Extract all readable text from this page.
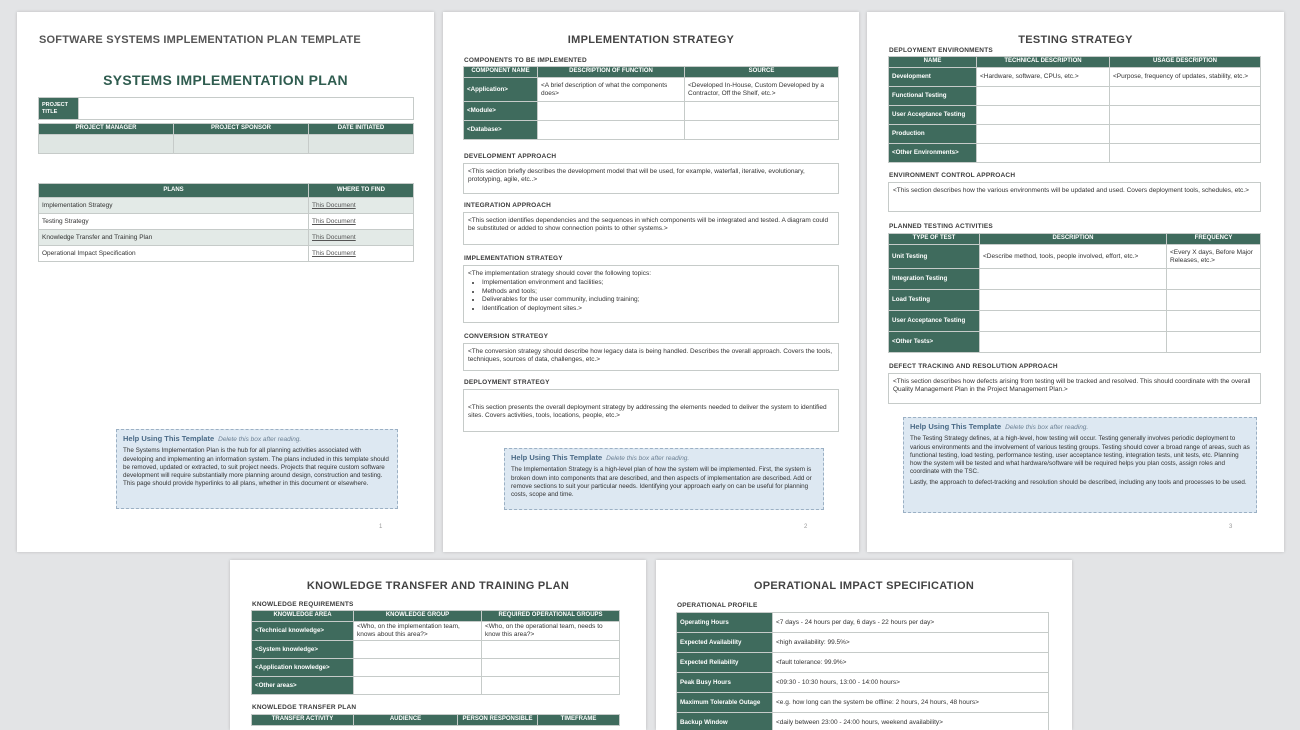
SOFTWARE SYSTEMS IMPLEMENTATION PLAN TEMPLATE
SYSTEMS IMPLEMENTATION PLAN
PROJECT TITLE	
PROJECT MANAGER	PROJECT SPONSOR	DATE INITIATED

PLANS	WHERE TO FIND
Implementation Strategy	This Document
Testing Strategy	This Document
Knowledge Transfer and Training Plan	This Document
Operational Impact Specification	This Document
Help Using This Template Delete this box after reading.

The Systems Implementation Plan is the hub for all planning activities associated with developing and implementing an information system. The plans included in this template should be removed, updated or extracted, to suit project needs. Projects that require custom software development will require substantially more planning around design, construction and testing. This page should provide hyperlinks to all plans, whether in this document or elsewhere.

1
IMPLEMENTATION STRATEGY
COMPONENTS TO BE IMPLEMENTED
COMPONENT NAME	DESCRIPTION OF FUNCTION	SOURCE
<Application>	<A brief description of what the components does>	<Developed In-House, Custom Developed by a Contractor, Off the Shelf, etc.>
<Module>		
<Database>		
DEVELOPMENT APPROACH
<This section briefly describes the development model that will be used, for example, waterfall, iterative, evolutionary, prototyping, agile, etc..>
INTEGRATION APPROACH
<This section identifies dependencies and the sequences in which components will be integrated and tested. A diagram could be substituted or added to show connection points to other systems.>
IMPLEMENTATION STRATEGY
<The implementation strategy should cover the following topics:
• Implementation environment and facilities;
• Methods and tools;
• Deliverables for the user community, including training;
• Identification of deployment sites.>
CONVERSION STRATEGY
<The conversion strategy should describe how legacy data is being handled. Describes the overall approach. Covers the tools, techniques, sources of data, challenges, etc.>
DEPLOYMENT STRATEGY
<This section presents the overall deployment strategy by addressing the elements needed to deliver the system to identified sites. Covers activities, tools, locations, people, etc.>
Help Using This Template Delete this box after reading.

The Implementation Strategy is a high-level plan of how the system will be implemented. First, the system is broken down into components that are described, and then aspects of implementation are described. Add or remove sections to suit your particular needs. Identifying your approach early on can be useful for planning costs, scope and time.

2
TESTING STRATEGY
DEPLOYMENT ENVIRONMENTS
NAME	TECHNICAL DESCRIPTION	USAGE DESCRIPTION
Development	<Hardware, software, CPUs, etc.>	<Purpose, frequency of updates, stability, etc.>
Functional Testing		
User Acceptance Testing		
Production		
<Other Environments>		
ENVIRONMENT CONTROL APPROACH
<This section describes how the various environments will be updated and used. Covers deployment tools, schedules, etc.>
PLANNED TESTING ACTIVITIES
TYPE OF TEST	DESCRIPTION	FREQUENCY
Unit Testing	<Describe method, tools, people involved, effort, etc.>	<Every X days, Before Major Releases, etc.>
Integration Testing		
Load Testing		
User Acceptance Testing		
<Other Tests>		
DEFECT TRACKING AND RESOLUTION APPROACH
<This section describes how defects arising from testing will be tracked and resolved. This should coordinate with the overall Quality Management Plan in the Project Management Plan.>
Help Using This Template Delete this box after reading.

The Testing Strategy defines, at a high-level, how testing will occur. Testing generally involves periodic deployment to various environments and the involvement of various testing groups. Testing should cover a broad range of areas, such as functional testing, load testing, performance testing, user acceptance testing, integration tests, unit tests, etc. Planning how the system will be tested and what hardware/software will be required helps you plan costs, assign roles and coordinate with the TSC.

Lastly, the approach to defect-tracking and resolution should be described, including any tools and processes to be used.

3
KNOWLEDGE TRANSFER AND TRAINING PLAN
KNOWLEDGE REQUIREMENTS
KNOWLEDGE AREA	KNOWLEDGE GROUP	REQUIRED OPERATIONAL GROUPS
<Technical knowledge>	<Who, on the implementation team, knows about this area?>	<Who, on the operational team, needs to know this area?>
<System knowledge>		
<Application knowledge>		
<Other areas>		
KNOWLEDGE TRANSFER PLAN
TRANSFER ACTIVITY	AUDIENCE	PERSON RESPONSIBLE	TIMEFRAME
OPERATIONAL IMPACT SPECIFICATION
OPERATIONAL PROFILE
Operating Hours	<7 days - 24 hours per day, 6 days - 22 hours per day>
Expected Availability	<high availability: 99.5%>
Expected Reliability	<fault tolerance: 99.9%>
Peak Busy Hours	<09:30 - 10:30 hours, 13:00 - 14:00 hours>
Maximum Tolerable Outage	<e.g. how long can the system be offline: 2 hours, 24 hours, 48 hours>
Backup Window	<daily between 23:00 - 24:00 hours, weekend availability>
